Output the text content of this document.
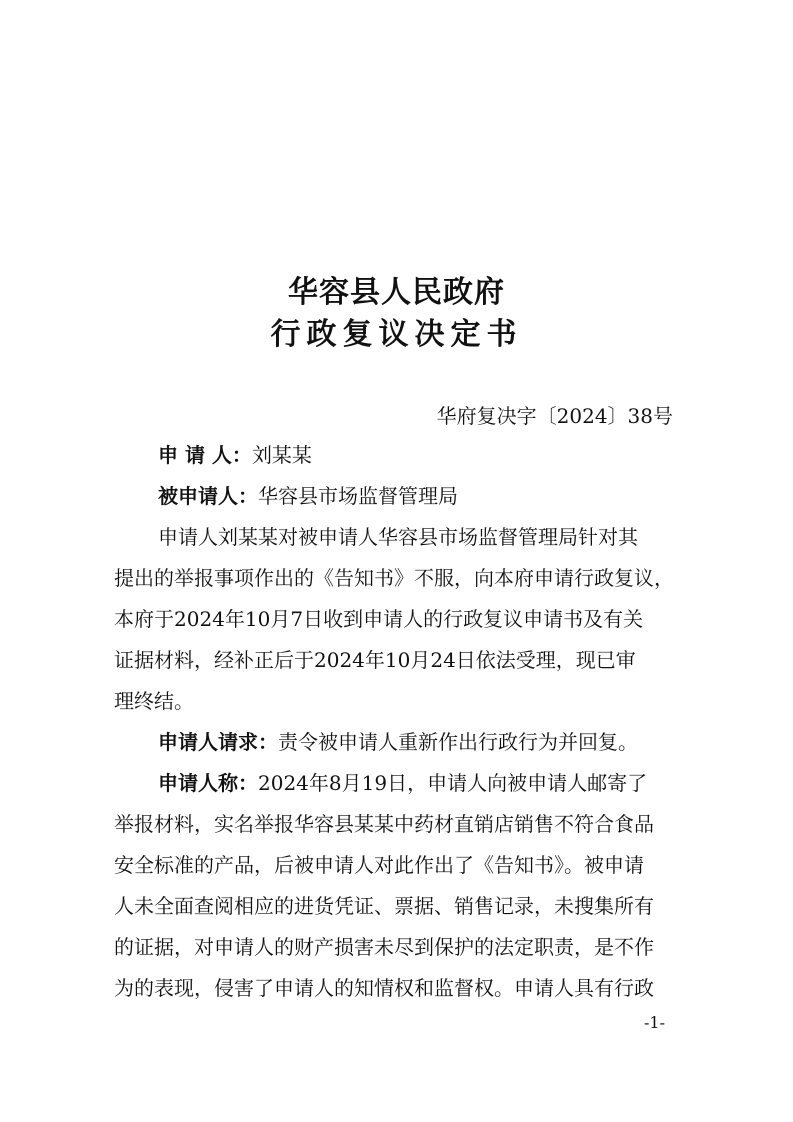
华容县人民政府
行政复议决定书
华府复决字〔2024〕38号
申 请 人：刘某某
被申请人：华容县市场监督管理局
申请人刘某某对被申请人华容县市场监督管理局针对其
提出的举报事项作出的《告知书》不服，向本府申请行政复议，
本府于2024年10月7日收到申请人的行政复议申请书及有关
证据材料，经补正后于2024年10月24日依法受理，现已审
理终结。
申请人请求：责令被申请人重新作出行政行为并回复。
申请人称：2024年8月19日，申请人向被申请人邮寄了
举报材料，实名举报华容县某某中药材直销店销售不符合食品
安全标准的产品，后被申请人对此作出了《告知书》。被申请
人未全面查阅相应的进货凭证、票据、销售记录，未搜集所有
的证据，对申请人的财产损害未尽到保护的法定职责，是不作
为的表现，侵害了申请人的知情权和监督权。申请人具有行政
-1-
